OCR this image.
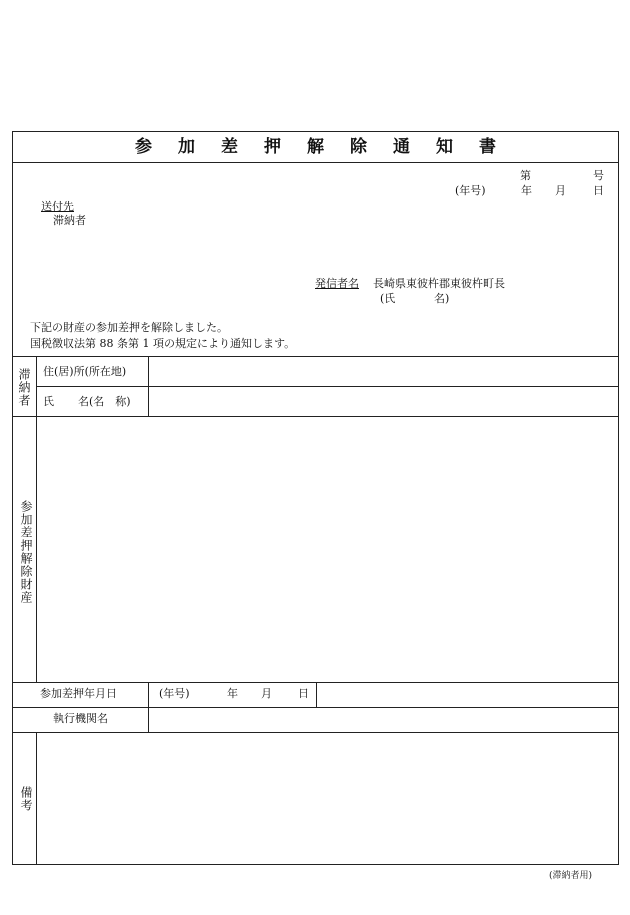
参加差押解除通知書
第	号
(年号)	年 月 日
送付先
滞納者
発信者名 長崎県東彼杵郡東彼杵町長
(氏	名)
下記の財産の参加差押を解除しました。
国税徴収法第 88 条第 1 項の規定により通知します。
滞納者 住(居)所(所在地)
氏 名(名　称)
参加差押解除財産
参加差押年月日	(年号)	年 月 日
執行機関名
備考
(滞納者用)
